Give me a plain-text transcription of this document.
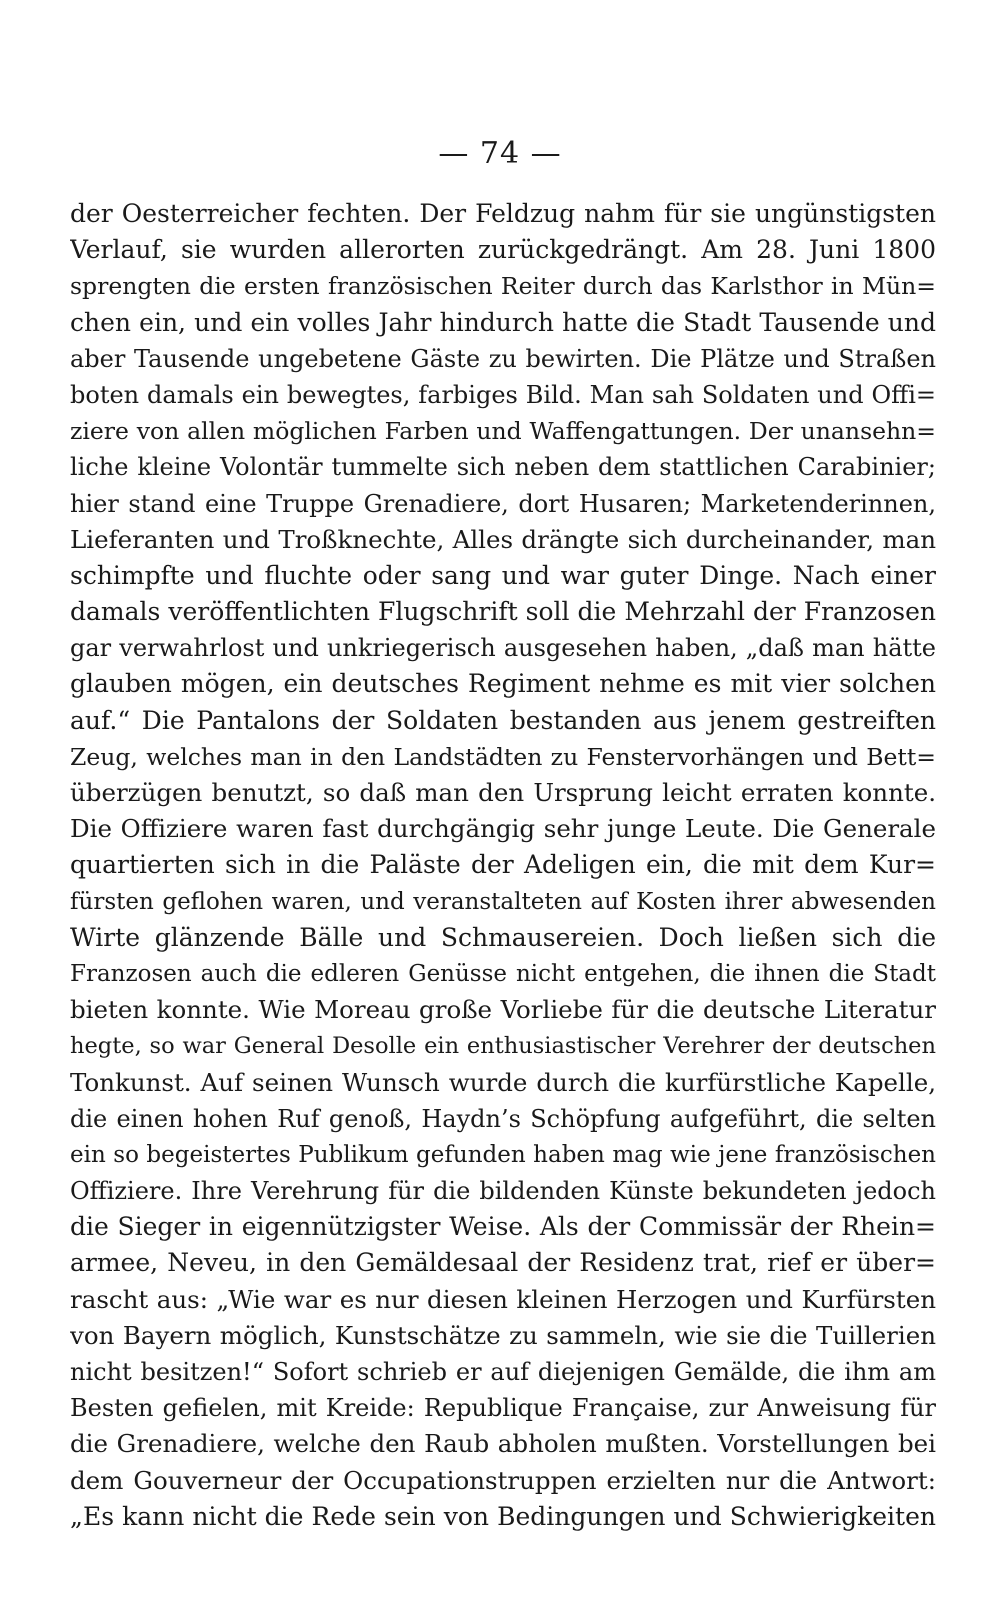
— 74 —
der Oesterreicher fechten. Der Feldzug nahm für sie ungünstigsten
Verlauf, sie wurden allerorten zurückgedrängt. Am 28. Juni 1800
sprengten die ersten französischen Reiter durch das Karlsthor in Mün=
chen ein, und ein volles Jahr hindurch hatte die Stadt Tausende und
aber Tausende ungebetene Gäste zu bewirten. Die Plätze und Straßen
boten damals ein bewegtes, farbiges Bild. Man sah Soldaten und Offi=
ziere von allen möglichen Farben und Waffengattungen. Der unansehn=
liche kleine Volontär tummelte sich neben dem stattlichen Carabinier;
hier stand eine Truppe Grenadiere, dort Husaren; Marketenderinnen,
Lieferanten und Troßknechte, Alles drängte sich durcheinander, man
schimpfte und fluchte oder sang und war guter Dinge. Nach einer
damals veröffentlichten Flugschrift soll die Mehrzahl der Franzosen
gar verwahrlost und unkriegerisch ausgesehen haben, „daß man hätte
glauben mögen, ein deutsches Regiment nehme es mit vier solchen
auf.“ Die Pantalons der Soldaten bestanden aus jenem gestreiften
Zeug, welches man in den Landstädten zu Fenstervorhängen und Bett=
überzügen benutzt, so daß man den Ursprung leicht erraten konnte.
Die Offiziere waren fast durchgängig sehr junge Leute. Die Generale
quartierten sich in die Paläste der Adeligen ein, die mit dem Kur=
fürsten geflohen waren, und veranstalteten auf Kosten ihrer abwesenden
Wirte glänzende Bälle und Schmausereien. Doch ließen sich die
Franzosen auch die edleren Genüsse nicht entgehen, die ihnen die Stadt
bieten konnte. Wie Moreau große Vorliebe für die deutsche Literatur
hegte, so war General Desolle ein enthusiastischer Verehrer der deutschen
Tonkunst. Auf seinen Wunsch wurde durch die kurfürstliche Kapelle,
die einen hohen Ruf genoß, Haydn’s Schöpfung aufgeführt, die selten
ein so begeistertes Publikum gefunden haben mag wie jene französischen
Offiziere. Ihre Verehrung für die bildenden Künste bekundeten jedoch
die Sieger in eigennützigster Weise. Als der Commissär der Rhein=
armee, Neveu, in den Gemäldesaal der Residenz trat, rief er über=
rascht aus: „Wie war es nur diesen kleinen Herzogen und Kurfürsten
von Bayern möglich, Kunstschätze zu sammeln, wie sie die Tuillerien
nicht besitzen!“ Sofort schrieb er auf diejenigen Gemälde, die ihm am
Besten gefielen, mit Kreide: Republique Française, zur Anweisung für
die Grenadiere, welche den Raub abholen mußten. Vorstellungen bei
dem Gouverneur der Occupationstruppen erzielten nur die Antwort:
„Es kann nicht die Rede sein von Bedingungen und Schwierigkeiten
